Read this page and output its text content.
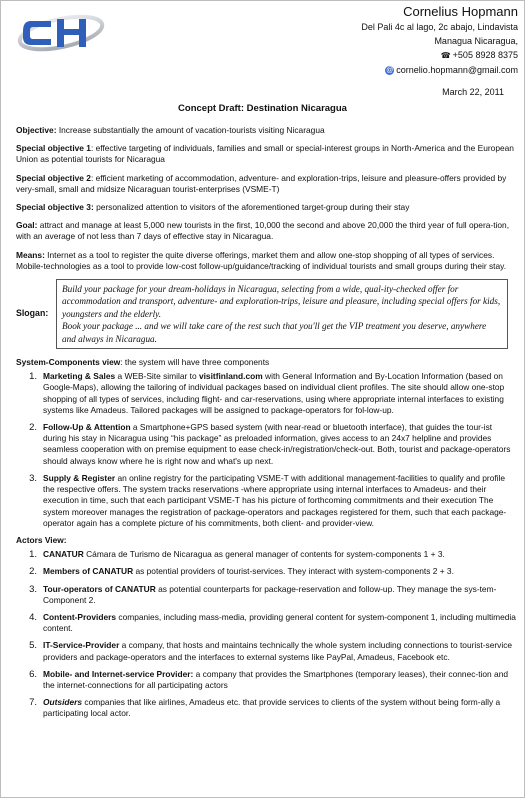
Cornelius Hopmann
Del Pali 4c al lago, 2c abajo, Lindavista
Managua Nicaragua,
☎ +505 8928 8375
@ cornelio.hopmann@gmail.com
March 22, 2011
Concept Draft: Destination Nicaragua

Objective: Increase substantially the amount of vacation-tourists visiting Nicaragua

Special objective 1: effective targeting of individuals, families and small or special-interest groups in North-America and the European Union as potential tourists for Nicaragua

Special objective 2: efficient marketing of accommodation, adventure- and exploration-trips, leisure and pleasure-offers provided by very-small, small and midsize Nicaraguan tourist-enterprises (VSME-T)

Special objective 3: personalized attention to visitors of the aforementioned target-group during their stay

Goal: attract and manage at least 5,000 new tourists in the first, 10,000 the second and above 20,000 the third year of full opera-tion, with an average of not less than 7 days of effective stay in Nicaragua.

Means: Internet as a tool to register the quite diverse offerings, market them and allow one-stop shopping of all types of services. Mobile-technologies as a tool to provide low-cost follow-up/guidance/tracking of individual tourists and small groups during their stay.

Slogan:
Build your package for your dream-holidays in Nicaragua, selecting from a wide, qual-ity-checked offer for accommodation and transport, adventure- and exploration-trips, leisure and pleasure, including special offers for kids, youngsters and the elderly.
Book your package ... and we will take care of the rest such that you'll get the VIP treatment you deserve, anywhere and always in Nicaragua.

System-Components view: the system will have three components

1. Marketing & Sales a WEB-Site similar to visitfinland.com with General Information and By-Location Information (based on Google-Maps), allowing the tailoring of individual packages based on individual client profiles. The site should allow one-stop shopping of all types of services, including flight- and car-reservations, using where appropriate internal interfaces to existing systems like Amadeus. Tailored packages will be assigned to package-operators for fol-low-up.
2. Follow-Up & Attention a Smartphone+GPS based system (with near-read or bluetooth interface), that guides the tour-ist during his stay in Nicaragua using “his package” as preloaded information, gives access to an 24x7 helpline and provides seamless cooperation with on premise equipment to ease check-in/registration/check-out. Both, tourist and package-operators should always know where he is right now and what's up next.
3. Supply & Register an online registry for the participating VSME-T with additional management-facilities to qualify and profile the respective offers. The system tracks reservations -where appropriate using internal interfaces to Amadeus- and their execution in time, such that each participant VSME-T has his picture of forthcoming commitments and their execution The system moreover manages the registration of package-operators and packages registered for them, such that each package-operator again has a complete picture of his commitments, both client- and provider-view.

Actors View:

1. CANATUR Cámara de Turismo de Nicaragua as general manager of contents for system-components 1 + 3.
2. Members of CANATUR as potential providers of tourist-services. They interact with system-components 2 + 3.
3. Tour-operators of CANATUR as potential counterparts for package-reservation and follow-up. They manage the sys-tem-Component 2.
4. Content-Providers companies, including mass-media, providing general content for system-component 1, including multimedia content.
5. IT-Service-Provider a company, that hosts and maintains technically the whole system including connections to tourist-service providers and package-operators and the interfaces to external systems like PayPal, Amadeus, Facebook etc.
6. Mobile- and Internet-service Provider: a company that provides the Smartphones (temporary leases), their connec-tion and the internet-connections for all participating actors
7. Outsiders companies that like airlines, Amadeus etc. that provide services to clients of the system without being form-ally a participating local actor.
